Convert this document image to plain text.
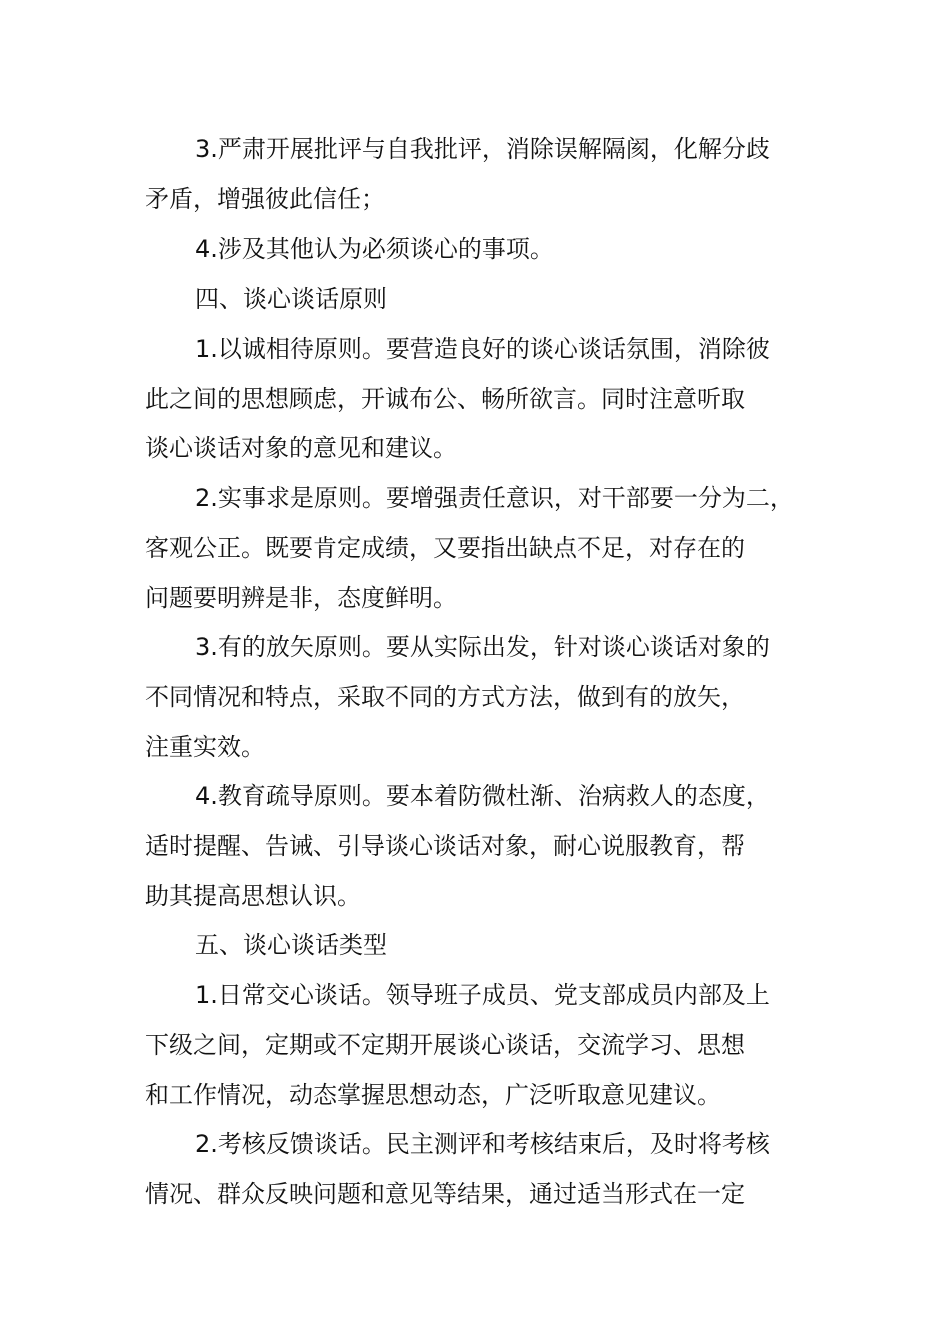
3.严肃开展批评与自我批评，消除误解隔阂，化解分歧
矛盾，增强彼此信任；
4.涉及其他认为必须谈心的事项。
四、谈心谈话原则
1.以诚相待原则。要营造良好的谈心谈话氛围，消除彼
此之间的思想顾虑，开诚布公、畅所欲言。同时注意听取
谈心谈话对象的意见和建议。
2.实事求是原则。要增强责任意识，对干部要一分为二，
客观公正。既要肯定成绩，又要指出缺点不足，对存在的
问题要明辨是非，态度鲜明。
3.有的放矢原则。要从实际出发，针对谈心谈话对象的
不同情况和特点，采取不同的方式方法，做到有的放矢，
注重实效。
4.教育疏导原则。要本着防微杜渐、治病救人的态度，
适时提醒、告诫、引导谈心谈话对象，耐心说服教育，帮
助其提高思想认识。
五、谈心谈话类型
1.日常交心谈话。领导班子成员、党支部成员内部及上
下级之间，定期或不定期开展谈心谈话，交流学习、思想
和工作情况，动态掌握思想动态，广泛听取意见建议。
2.考核反馈谈话。民主测评和考核结束后，及时将考核
情况、群众反映问题和意见等结果，通过适当形式在一定
